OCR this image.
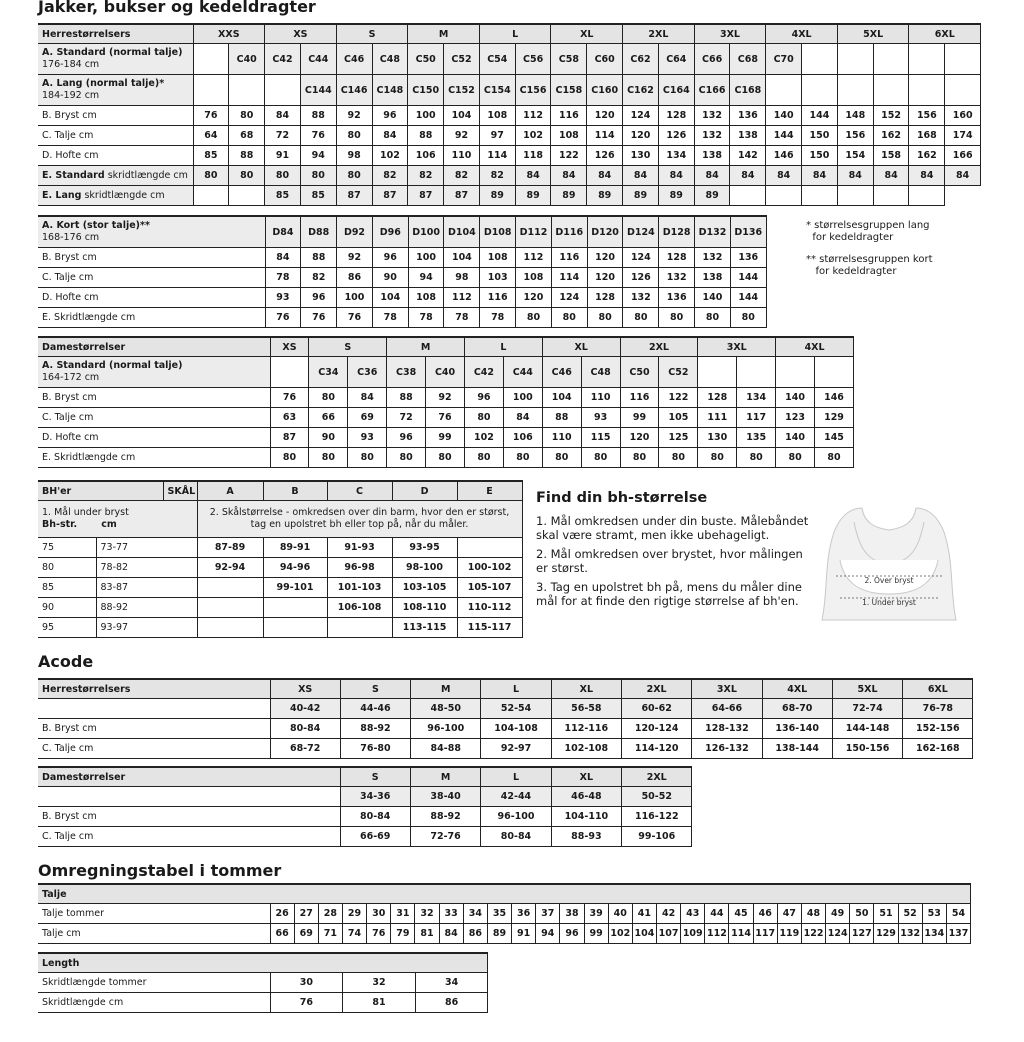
Jakker, bukser og kedeldragter
Herrestørrelsers	XXS		XS		S		M		L		XL		2XL		3XL		4XL		5XL		6XL	
A. Standard (normal talje)
176-184 cm		C40	C42	C44	C46	C48	C50	C52	C54	C56	C58	C60	C62	C64	C66	C68	C70					
A. Lang (normal talje)*
184-192 cm				C144	C146	C148	C150	C152	C154	C156	C158	C160	C162	C164	C166	C168						
B. Bryst cm	76	80	84	88	92	96	100	104	108	112	116	120	124	128	132	136	140	144	148	152	156	160
C. Talje cm	64	68	72	76	80	84	88	92	97	102	108	114	120	126	132	138	144	150	156	162	168	174
D. Hofte cm	85	88	91	94	98	102	106	110	114	118	122	126	130	134	138	142	146	150	154	158	162	166
E. Standard skridtlængde cm	80	80	80	80	80	82	82	82	82	84	84	84	84	84	84	84	84	84	84	84	84	84
E. Lang skridtlængde cm			85	85	87	87	87	87	89	89	89	89	89	89	89							
A. Kort (stor talje)**
168-176 cm	D84	D88	D92	D96	D100	D104	D108	D112	D116	D120	D124	D128	D132	D136
B. Bryst cm	84	88	92	96	100	104	108	112	116	120	124	128	132	136
C. Talje cm	78	82	86	90	94	98	103	108	114	120	126	132	138	144
D. Hofte cm	93	96	100	104	108	112	116	120	124	128	132	136	140	144
E. Skridtlængde cm	76	76	76	78	78	78	78	80	80	80	80	80	80	80
* størrelsesgruppen lang
for kedeldragter
** størrelsesgruppen kort
for kedeldragter
Damestørrelser	XS	S		M		L		XL		2XL		3XL		4XL	
A. Standard (normal talje)
164-172 cm		C34	C36	C38	C40	C42	C44	C46	C48	C50	C52				
B. Bryst cm	76	80	84	88	92	96	100	104	110	116	122	128	134	140	146
C. Talje cm	63	66	69	72	76	80	84	88	93	99	105	111	117	123	129
D. Hofte cm	87	90	93	96	99	102	106	110	115	120	125	130	135	140	145
E. Skridtlængde cm	80	80	80	80	80	80	80	80	80	80	80	80	80	80	80
BH'er		SKÅL	A	B	C	D	E
1. Mål under bryst
Bh-str. cm			2. Skålstørrelse - omkredsen over din barm, hvor den er størst, tag en upolstret bh eller top på, når du måler.				
75	73-77		87-89	89-91	91-93	93-95	
80	78-82		92-94	94-96	96-98	98-100	100-102
85	83-87			99-101	101-103	103-105	105-107
90	88-92				106-108	108-110	110-112
95	93-97					113-115	115-117
Find din bh-størrelse
1. Mål omkredsen under din buste. Målebåndet skal være stramt, men ikke ubehageligt.
2. Mål omkredsen over brystet, hvor målingen er størst.
3. Tag en upolstret bh på, mens du måler dine mål for at finde den rigtige størrelse af bh'en.
2. Over bryst
1. Under bryst
Acode
Herrestørrelsers	XS	S	M	L	XL	2XL	3XL	4XL	5XL	6XL
	40-42	44-46	48-50	52-54	56-58	60-62	64-66	68-70	72-74	76-78
B. Bryst cm	80-84	88-92	96-100	104-108	112-116	120-124	128-132	136-140	144-148	152-156
C. Talje cm	68-72	76-80	84-88	92-97	102-108	114-120	126-132	138-144	150-156	162-168
Damestørrelser	S	M	L	XL	2XL
	34-36	38-40	42-44	46-48	50-52
B. Bryst cm	80-84	88-92	96-100	104-110	116-122
C. Talje cm	66-69	72-76	80-84	88-93	99-106
Omregningstabel i tommer
Talje																													
Talje tommer	26	27	28	29	30	31	32	33	34	35	36	37	38	39	40	41	42	43	44	45	46	47	48	49	50	51	52	53	54
Talje cm	66	69	71	74	76	79	81	84	86	89	91	94	96	99	102	104	107	109	112	114	117	119	122	124	127	129	132	134	137
Length			
Skridtlængde tommer	30	32	34
Skridtlængde cm	76	81	86
